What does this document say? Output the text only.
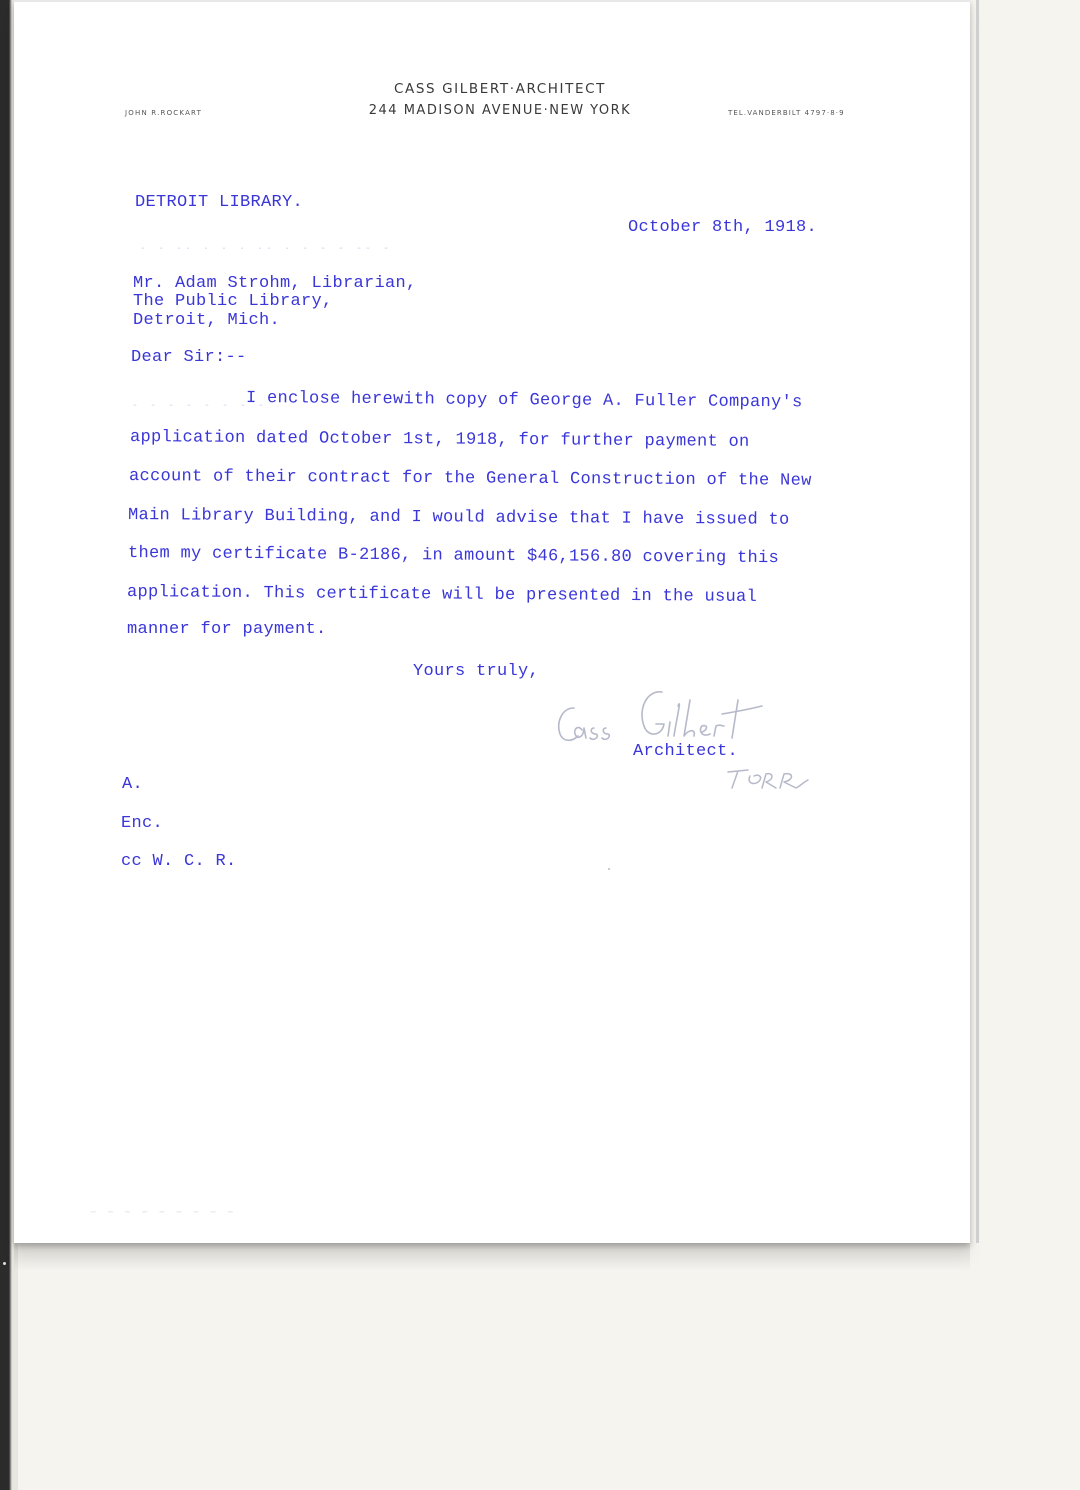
CASS GILBERT·ARCHITECT
244 MADISON AVENUE·NEW YORK
JOHN R.ROCKART	TEL.VANDERBILT 4797·8·9
DETROIT LIBRARY.
October 8th, 1918.
- - ·· · · · ·· · - - - -- -
Mr. Adam Strohm, Librarian,
The Public Library,
Detroit, Mich.
Dear Sir:--
- - - - - - - -
I enclose herewith copy of George A. Fuller Company's
application dated October 1st, 1918, for further payment on
account of their contract for the General Construction of the New
Main Library Building, and I would advise that I have issued to
them my certificate B-2186, in amount $46,156.80 covering this
application. This certificate will be presented in the usual
manner for payment.
Yours truly,
Architect.
A.
Enc.
cc W. C. R.
- - - - - - - - -
